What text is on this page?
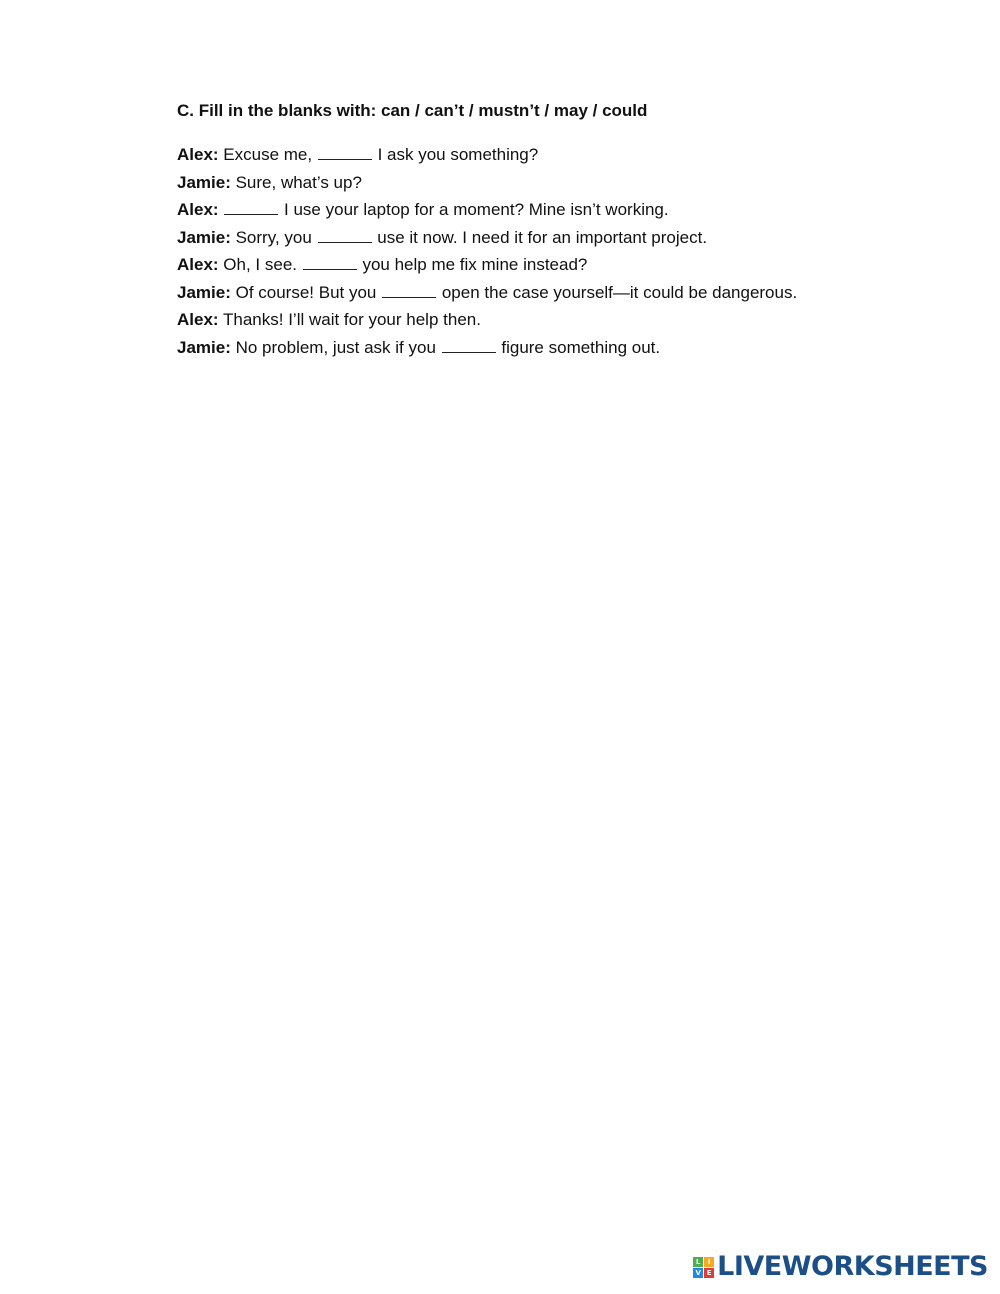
C. Fill in the blanks with: can / can’t / mustn’t / may / could
Alex: Excuse me,	I ask you something?
Jamie: Sure, what’s up?
Alex:	I use your laptop for a moment? Mine isn’t working.
Jamie: Sorry, you	use it now. I need it for an important project.
Alex: Oh, I see.	you help me fix mine instead?
Jamie: Of course! But you	open the case yourself—it could be dangerous.
Alex: Thanks! I’ll wait for your help then.
Jamie: No problem, just ask if you	figure something out.
L	I
V E LIVEWORKSHEETS
